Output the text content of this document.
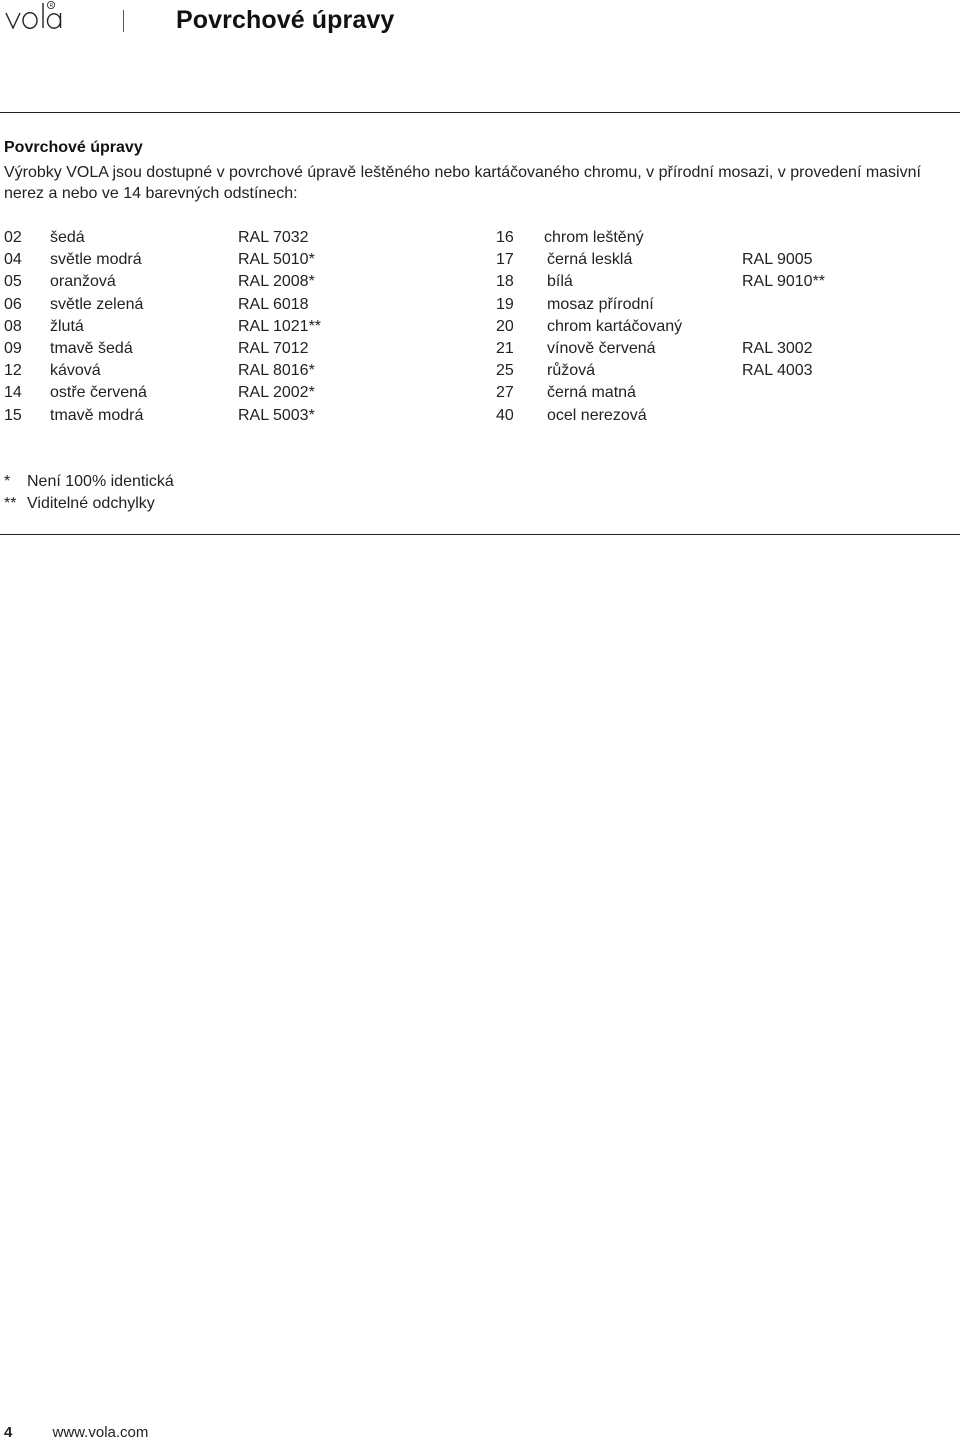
R
Povrchové úpravy
Povrchové úpravy
Výrobky VOLA jsou dostupné v povrchové úpravě leštěného nebo kartáčovaného chromu, v přírodní mosazi, v provedení masivní nerez a nebo ve 14 barevných odstínech:
02 šedá	RAL 7032
04 světle modrá	RAL 5010*
05 oranžová	RAL 2008*
06 světle zelená	RAL 6018
08 žlutá	RAL 1021**
09 tmavě šedá	RAL 7012
12 kávová	RAL 8016*
14 ostře červená	RAL 2002*
15 tmavě modrá	RAL 5003*
16 chrom leštěný
17 černá lesklá	RAL 9005
18 bílá	RAL 9010**
19 mosaz přírodní
20 chrom kartáčovaný
21 vínově červená	RAL 3002
25 růžová	RAL 4003
27 černá matná
40 ocel nerezová
* Není 100% identická
** Viditelné odchylky
4	www.vola.com
